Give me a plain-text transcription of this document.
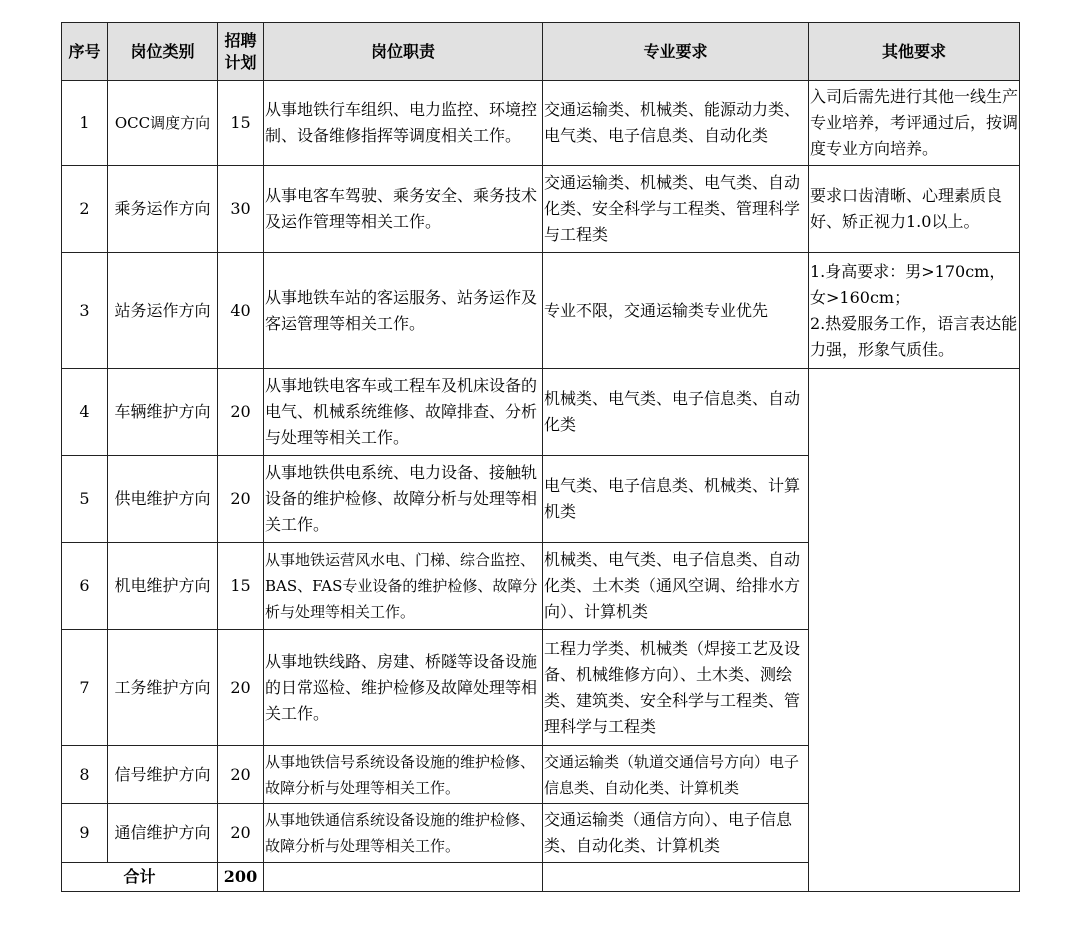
序号	岗位类别	招聘计划	岗位职责	专业要求	其他要求
1	OCC调度方向	15	从事地铁行车组织、电力监控、环境控制、设备维修指挥等调度相关工作。	交通运输类、机械类、能源动力类、电气类、电子信息类、自动化类	入司后需先进行其他一线生产专业培养，考评通过后，按调度专业方向培养。
2	乘务运作方向	30	从事电客车驾驶、乘务安全、乘务技术及运作管理等相关工作。	交通运输类、机械类、电气类、自动化类、安全科学与工程类、管理科学与工程类	要求口齿清晰、心理素质良好、矫正视力1.0以上。
3	站务运作方向	40	从事地铁车站的客运服务、站务运作及客运管理等相关工作。	专业不限，交通运输类专业优先	1.身高要求：男>170cm，女>160cm；
2.热爱服务工作，语言表达能力强，形象气质佳。

4	车辆维护方向	20	从事地铁电客车或工程车及机床设备的电气、机械系统维修、故障排查、分析与处理等相关工作。	机械类、电气类、电子信息类、自动化类	
5	供电维护方向	20	从事地铁供电系统、电力设备、接触轨设备的维护检修、故障分析与处理等相关工作。	电气类、电子信息类、机械类、计算机类	
6	机电维护方向	15	从事地铁运营风水电、门梯、综合监控、BAS、FAS专业设备的维护检修、故障分析与处理等相关工作。	机械类、电气类、电子信息类、自动化类、土木类（通风空调、给排水方向）、计算机类	
7	工务维护方向	20	从事地铁线路、房建、桥隧等设备设施的日常巡检、维护检修及故障处理等相关工作。	工程力学类、机械类（焊接工艺及设备、机械维修方向）、土木类、测绘类、建筑类、安全科学与工程类、管理科学与工程类	
8	信号维护方向	20	从事地铁信号系统设备设施的维护检修、故障分析与处理等相关工作。	交通运输类（轨道交通信号方向）电子信息类、自动化类、计算机类	
9	通信维护方向	20	从事地铁通信系统设备设施的维护检修、故障分析与处理等相关工作。	交通运输类（通信方向）、电子信息类、自动化类、计算机类	
合计		200			
